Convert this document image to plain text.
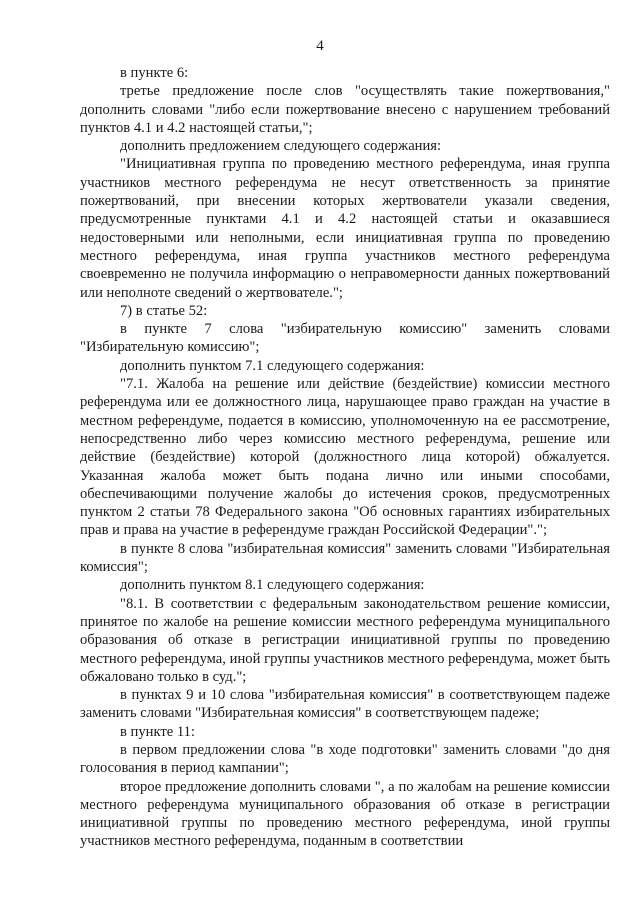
4

в пункте 6:

третье предложение после слов "осуществлять такие пожертвования," дополнить словами "либо если пожертвование внесено с нарушением требований пунктов 4.1 и 4.2 настоящей статьи,";

дополнить предложением следующего содержания:

"Инициативная группа по проведению местного референдума, иная группа участников местного референдума не несут ответственность за принятие пожертвований, при внесении которых жертвователи указали сведения, предусмотренные пунктами 4.1 и 4.2 настоящей статьи и оказавшиеся недостоверными или неполными, если инициативная группа по проведению местного референдума, иная группа участников местного референдума своевременно не получила информацию о неправомерности данных пожертвований или неполноте сведений о жертвователе.";

7) в статье 52:

в пункте 7 слова "избирательную комиссию" заменить словами "Избирательную комиссию";

дополнить пунктом 7.1 следующего содержания:

"7.1. Жалоба на решение или действие (бездействие) комиссии местного референдума или ее должностного лица, нарушающее право граждан на участие в местном референдуме, подается в комиссию, уполномоченную на ее рассмотрение, непосредственно либо через комиссию местного референдума, решение или действие (бездействие) которой (должностного лица которой) обжалуется. Указанная жалоба может быть подана лично или иными способами, обеспечивающими получение жалобы до истечения сроков, предусмотренных пунктом 2 статьи 78 Федерального закона "Об основных гарантиях избирательных прав и права на участие в референдуме граждан Российской Федерации".";

в пункте 8 слова "избирательная комиссия" заменить словами "Избирательная комиссия";

дополнить пунктом 8.1 следующего содержания:

"8.1. В соответствии с федеральным законодательством решение комиссии, принятое по жалобе на решение комиссии местного референдума муниципального образования об отказе в регистрации инициативной группы по проведению местного референдума, иной группы участников местного референдума, может быть обжаловано только в суд.";

в пунктах 9 и 10 слова "избирательная комиссия" в соответствующем падеже заменить словами "Избирательная комиссия" в соответствующем падеже;

в пункте 11:

в первом предложении слова "в ходе подготовки" заменить словами "до дня голосования в период кампании";

второе предложение дополнить словами ", а по жалобам на решение комиссии местного референдума муниципального образования об отказе в регистрации инициативной группы по проведению местного референдума, иной группы участников местного референдума, поданным в соответствии
